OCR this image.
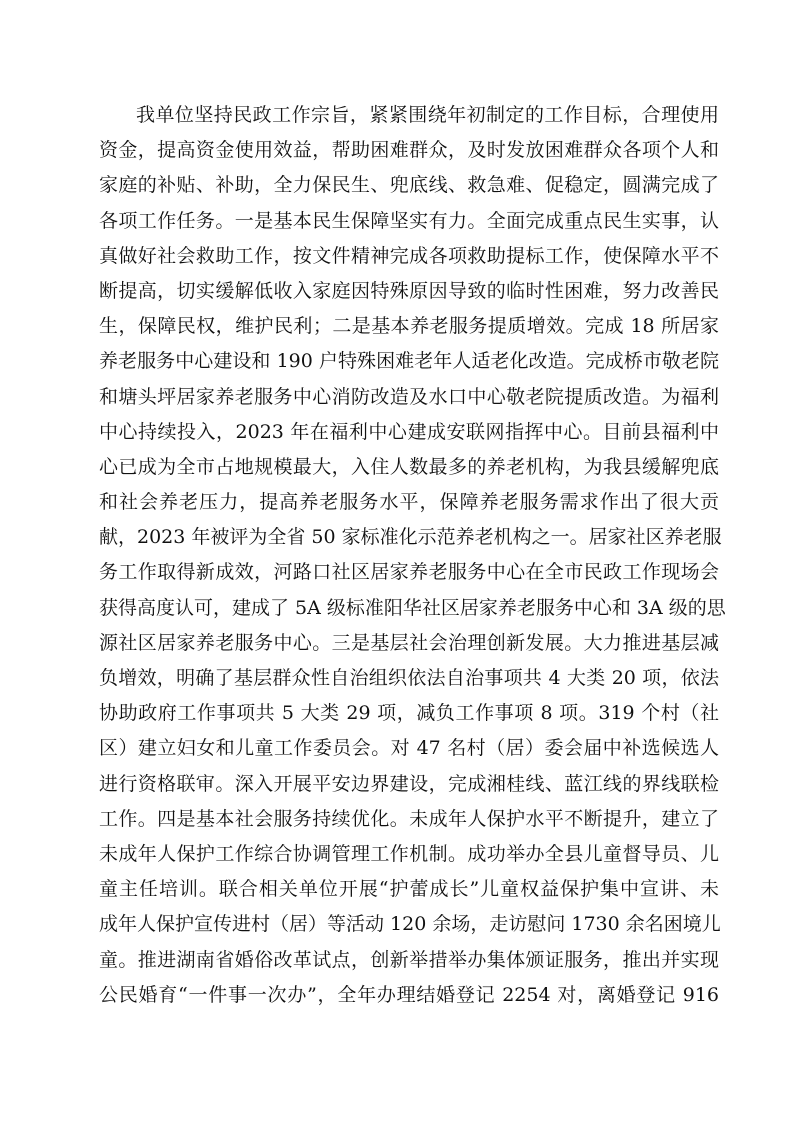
我单位坚持民政工作宗旨，紧紧围绕年初制定的工作目标，合理使用
资金，提高资金使用效益，帮助困难群众，及时发放困难群众各项个人和
家庭的补贴、补助，全力保民生、兜底线、救急难、促稳定，圆满完成了
各项工作任务。一是基本民生保障坚实有力。全面完成重点民生实事，认
真做好社会救助工作，按文件精神完成各项救助提标工作，使保障水平不
断提高，切实缓解低收入家庭因特殊原因导致的临时性困难，努力改善民
生，保障民权，维护民利；二是基本养老服务提质增效。完成 18 所居家
养老服务中心建设和 190 户特殊困难老年人适老化改造。完成桥市敬老院
和塘头坪居家养老服务中心消防改造及水口中心敬老院提质改造。为福利
中心持续投入，2023 年在福利中心建成安联网指挥中心。目前县福利中
心已成为全市占地规模最大，入住人数最多的养老机构，为我县缓解兜底
和社会养老压力，提高养老服务水平，保障养老服务需求作出了很大贡
献，2023 年被评为全省 50 家标准化示范养老机构之一。居家社区养老服
务工作取得新成效，河路口社区居家养老服务中心在全市民政工作现场会
获得高度认可，建成了 5A 级标准阳华社区居家养老服务中心和 3A 级的思
源社区居家养老服务中心。三是基层社会治理创新发展。大力推进基层减
负增效，明确了基层群众性自治组织依法自治事项共 4 大类 20 项，依法
协助政府工作事项共 5 大类 29 项，减负工作事项 8 项。319 个村（社
区）建立妇女和儿童工作委员会。对 47 名村（居）委会届中补选候选人
进行资格联审。深入开展平安边界建设，完成湘桂线、蓝江线的界线联检
工作。四是基本社会服务持续优化。未成年人保护水平不断提升，建立了
未成年人保护工作综合协调管理工作机制。成功举办全县儿童督导员、儿
童主任培训。联合相关单位开展“护蕾成长”儿童权益保护集中宣讲、未
成年人保护宣传进村（居）等活动 120 余场，走访慰问 1730 余名困境儿
童。推进湖南省婚俗改革试点，创新举措举办集体颁证服务，推出并实现
公民婚育“一件事一次办”，全年办理结婚登记 2254 对，离婚登记 916
